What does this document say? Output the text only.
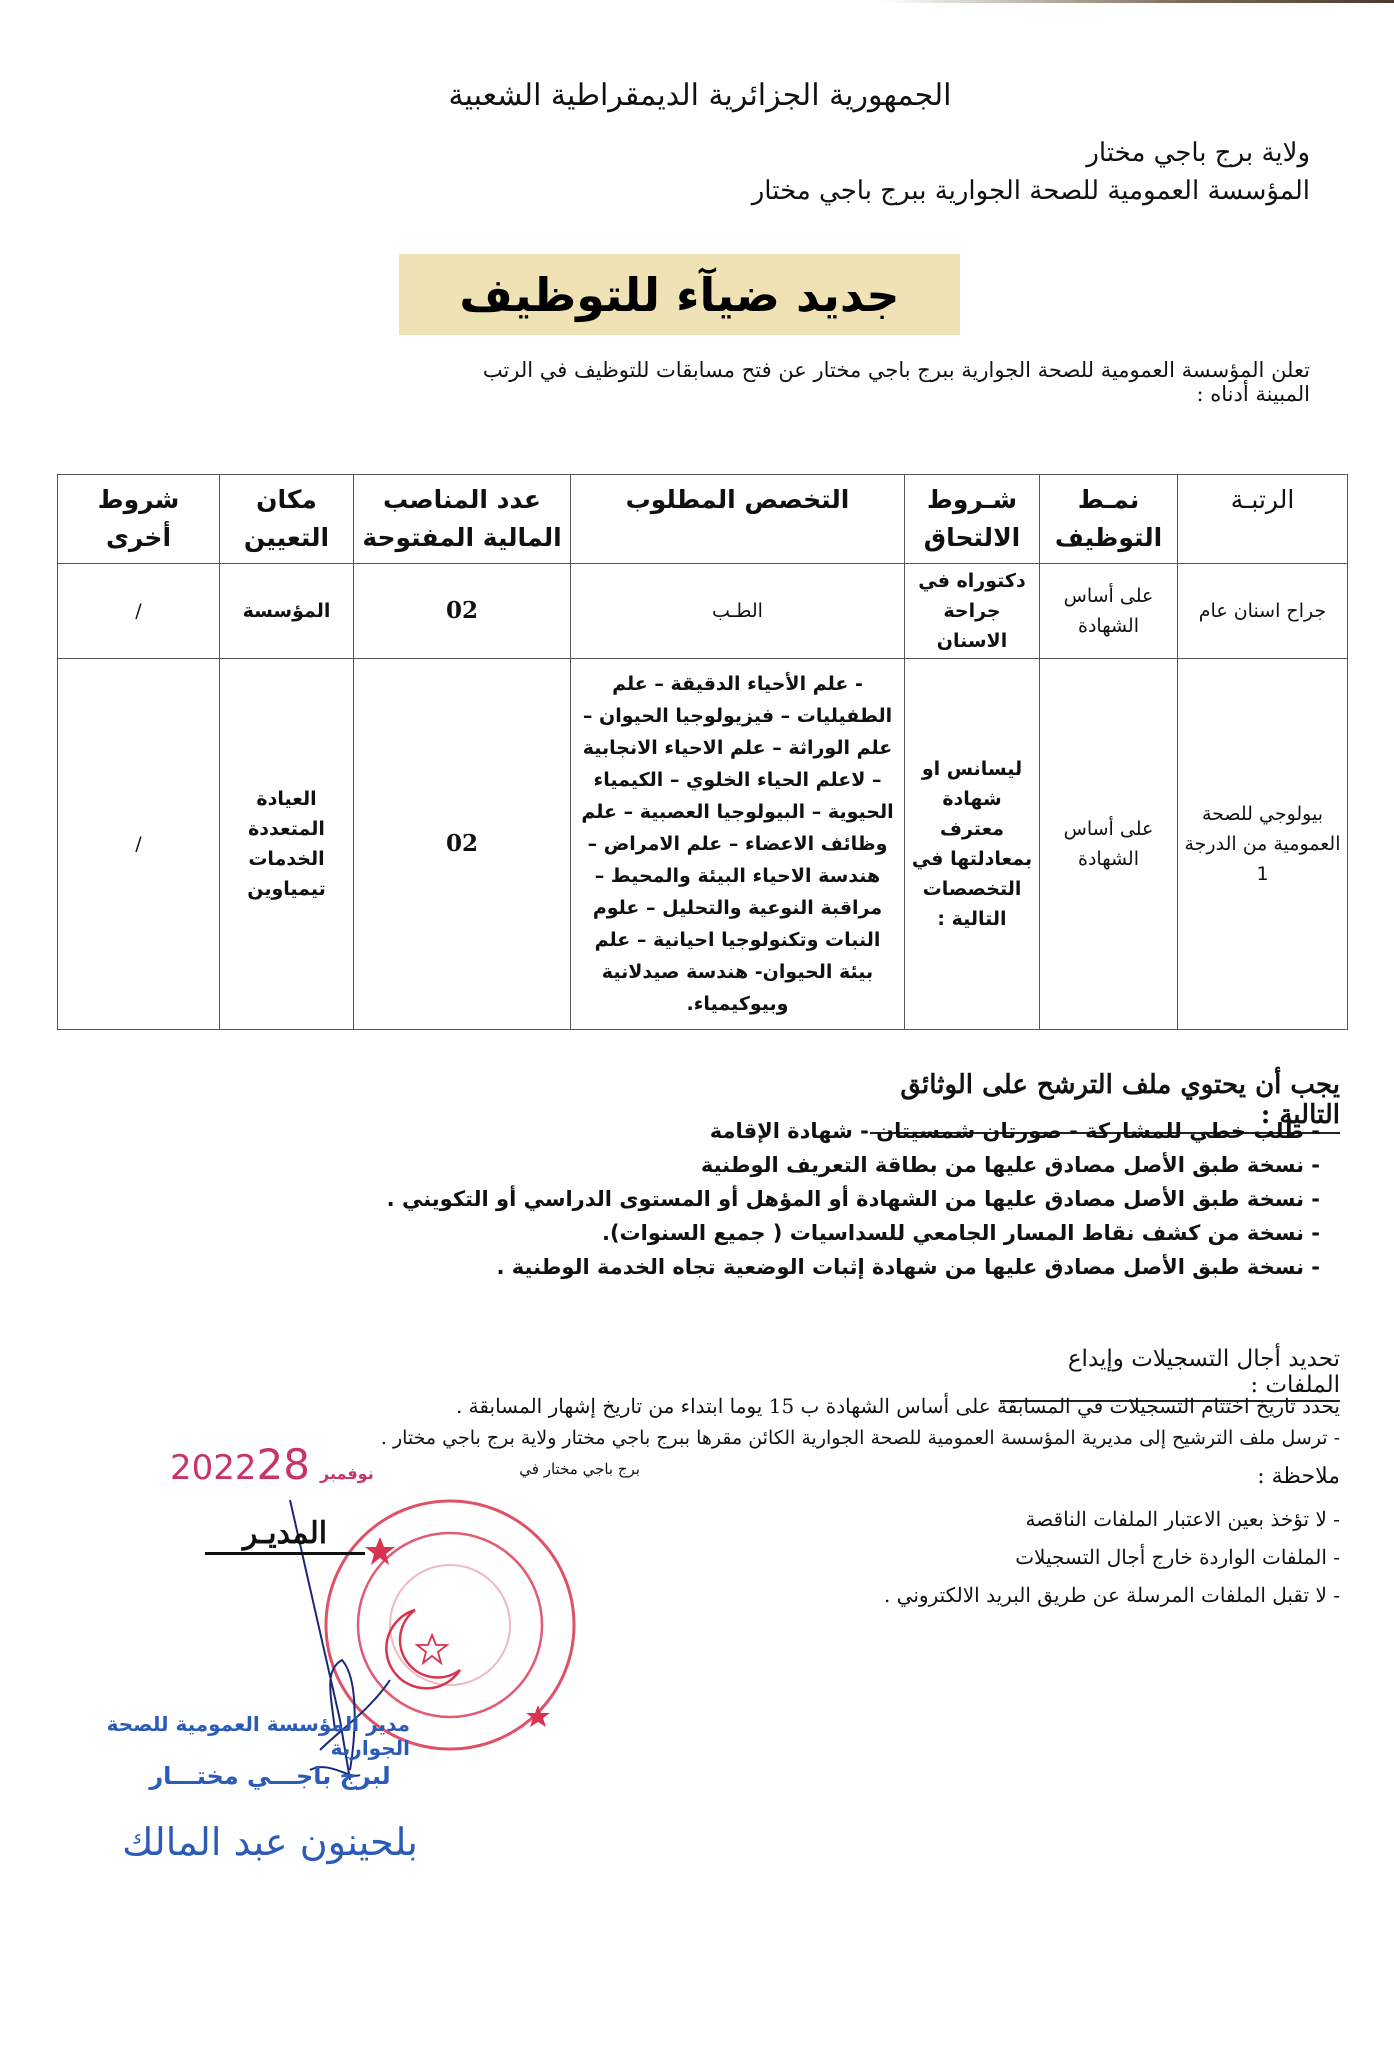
الجمهورية الجزائرية الديمقراطية الشعبية
ولاية برج باجي مختار
المؤسسة العمومية للصحة الجوارية ببرج باجي مختار
جديد ضيآء للتوظيف
تعلن المؤسسة العمومية للصحة الجوارية ببرج باجي مختار عن فتح مسابقات للتوظيف في الرتب المبينة أدناه :
الرتبـة	نمـط التوظيف	شـروط الالتحاق	التخصص المطلوب	عدد المناصب المالية المفتوحة	مكان التعيين	شروط أخرى
جراح اسنان عام	على أساس الشهادة	دكتوراه في جراحة الاسنان	الطـب	02	المؤسسة	/
بيولوجي للصحة العمومية من الدرجة 1	على أساس الشهادة	ليسانس او شهادة معترف بمعادلتها في التخصصات التالية :	- علم الأحياء الدقيقة – علم الطفيليات – فيزيولوجيا الحيوان – علم الوراثة – علم الاحياء الانجابية – لاعلم الحياء الخلوي – الكيمياء الحيوية – البيولوجيا العصبية – علم وظائف الاعضاء – علم الامراض – هندسة الاحياء البيئة والمحيط – مراقبة النوعية والتحليل – علوم النبات وتكنولوجيا احيانية – علم بيئة الحيوان- هندسة صيدلانية وبيوكيمياء.	02	العيادة المتعددة الخدمات تيمياوين	/
يجب أن يحتوي ملف الترشح على الوثائق التالية :
- طلب خطي للمشاركة - صورتان شمسيتان - شهادة الإقامة
- نسخة طبق الأصل مصادق عليها من بطاقة التعريف الوطنية
- نسخة طبق الأصل مصادق عليها من الشهادة أو المؤهل أو المستوى الدراسي أو التكويني .
- نسخة من كشف نقاط المسار الجامعي للسداسيات ( جميع السنوات).
- نسخة طبق الأصل مصادق عليها من شهادة إثبات الوضعية تجاه الخدمة الوطنية .
تحديد أجال التسجيلات وإيداع الملفات :
يحدد تاريخ اختتام التسجيلات في المسابقة على أساس الشهادة ب 15 يوما ابتداء من تاريخ إشهار المسابقة .
- ترسل ملف الترشيح إلى مديرية المؤسسة العمومية للصحة الجوارية الكائن مقرها ببرج باجي مختار ولاية برج باجي مختار .
برج باجي مختار في	ملاحظة :
- لا تؤخذ بعين الاعتبار الملفات الناقصة
- الملفات الواردة خارج أجال التسجيلات
- لا تقبل الملفات المرسلة عن طريق البريد الالكتروني .
2022	نوفمبر28
المديـر
مدير المؤسسة العمومية للصحة الجوارية
لبرج باجـــي مختـــار
بلحينون عبد المالك
